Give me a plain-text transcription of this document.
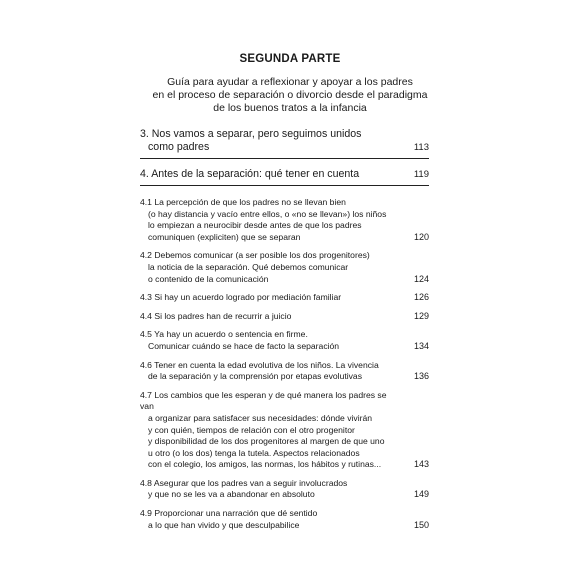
SEGUNDA PARTE
Guía para ayudar a reflexionar y apoyar a los padres
en el proceso de separación o divorcio desde el paradigma
de los buenos tratos a la infancia
3. Nos vamos a separar, pero seguimos unidos
como padres	113
4. Antes de la separación: qué tener en cuenta	119
4.1 La percepción de que los padres no se llevan bien
(o hay distancia y vacío entre ellos, o «no se llevan») los niños
lo empiezan a neurocibir desde antes de que los padres
comuniquen (expliciten) que se separan	120
4.2 Debemos comunicar (a ser posible los dos progenitores)
la noticia de la separación. Qué debemos comunicar
o contenido de la comunicación	124
4.3 Si hay un acuerdo logrado por mediación familiar	126
4.4 Si los padres han de recurrir a juicio	129
4.5 Ya hay un acuerdo o sentencia en firme.
Comunicar cuándo se hace de facto la separación	134
4.6 Tener en cuenta la edad evolutiva de los niños. La vivencia
de la separación y la comprensión por etapas evolutivas	136
4.7 Los cambios que les esperan y de qué manera los padres se van
a organizar para satisfacer sus necesidades: dónde vivirán
y con quién, tiempos de relación con el otro progenitor
y disponibilidad de los dos progenitores al margen de que uno
u otro (o los dos) tenga la tutela. Aspectos relacionados
con el colegio, los amigos, las normas, los hábitos y rutinas...	143
4.8 Asegurar que los padres van a seguir involucrados
y que no se les va a abandonar en absoluto	149
4.9 Proporcionar una narración que dé sentido
a lo que han vivido y que desculpabilice	150
